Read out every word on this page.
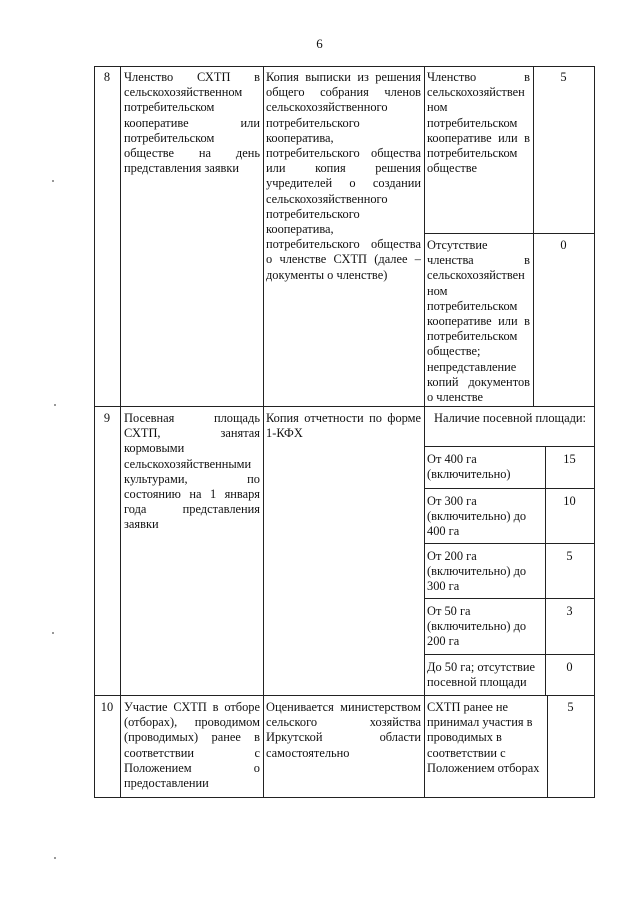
6
8	Членство СХТП в сельскохозяйственном потребительском кооперативе или потребительском обществе на день представления заявки
Копия выписки из решения общего собрания членов сельскохозяйственного потребительского кооператива, потребительского общества или копия решения учредителей о создании сельскохозяйственного потребительского кооператива, потребительского общества о членстве СХТП (далее – документы о членстве)
Членство в сельскохозяйствен ном потребительском кооперативе или в потребительском обществе
5
Отсутствие членства в сельскохозяйствен ном потребительском кооперативе или в потребительском обществе; непредставление копий документов о членстве
0
9	Посевная площадь СХТП, занятая кормовыми сельскохозяйственными культурами, по состоянию на 1 января года представления заявки
Копия отчетности по форме 1-КФХ
Наличие посевной площади:
От 400 га (включительно)
15
От 300 га (включительно) до 400 га
10
От 200 га (включительно) до 300 га
5
От 50 га (включительно) до 200 га
3
До 50 га; отсутствие посевной площади
0
10 Участие СХТП в отборе (отборах), проводимом (проводимых) ранее в соответствии с Положением о предоставлении
Оценивается министерством сельского хозяйства Иркутской области самостоятельно
СХТП ранее не принимал участия в проводимых в соответствии с Положением отборах
5
